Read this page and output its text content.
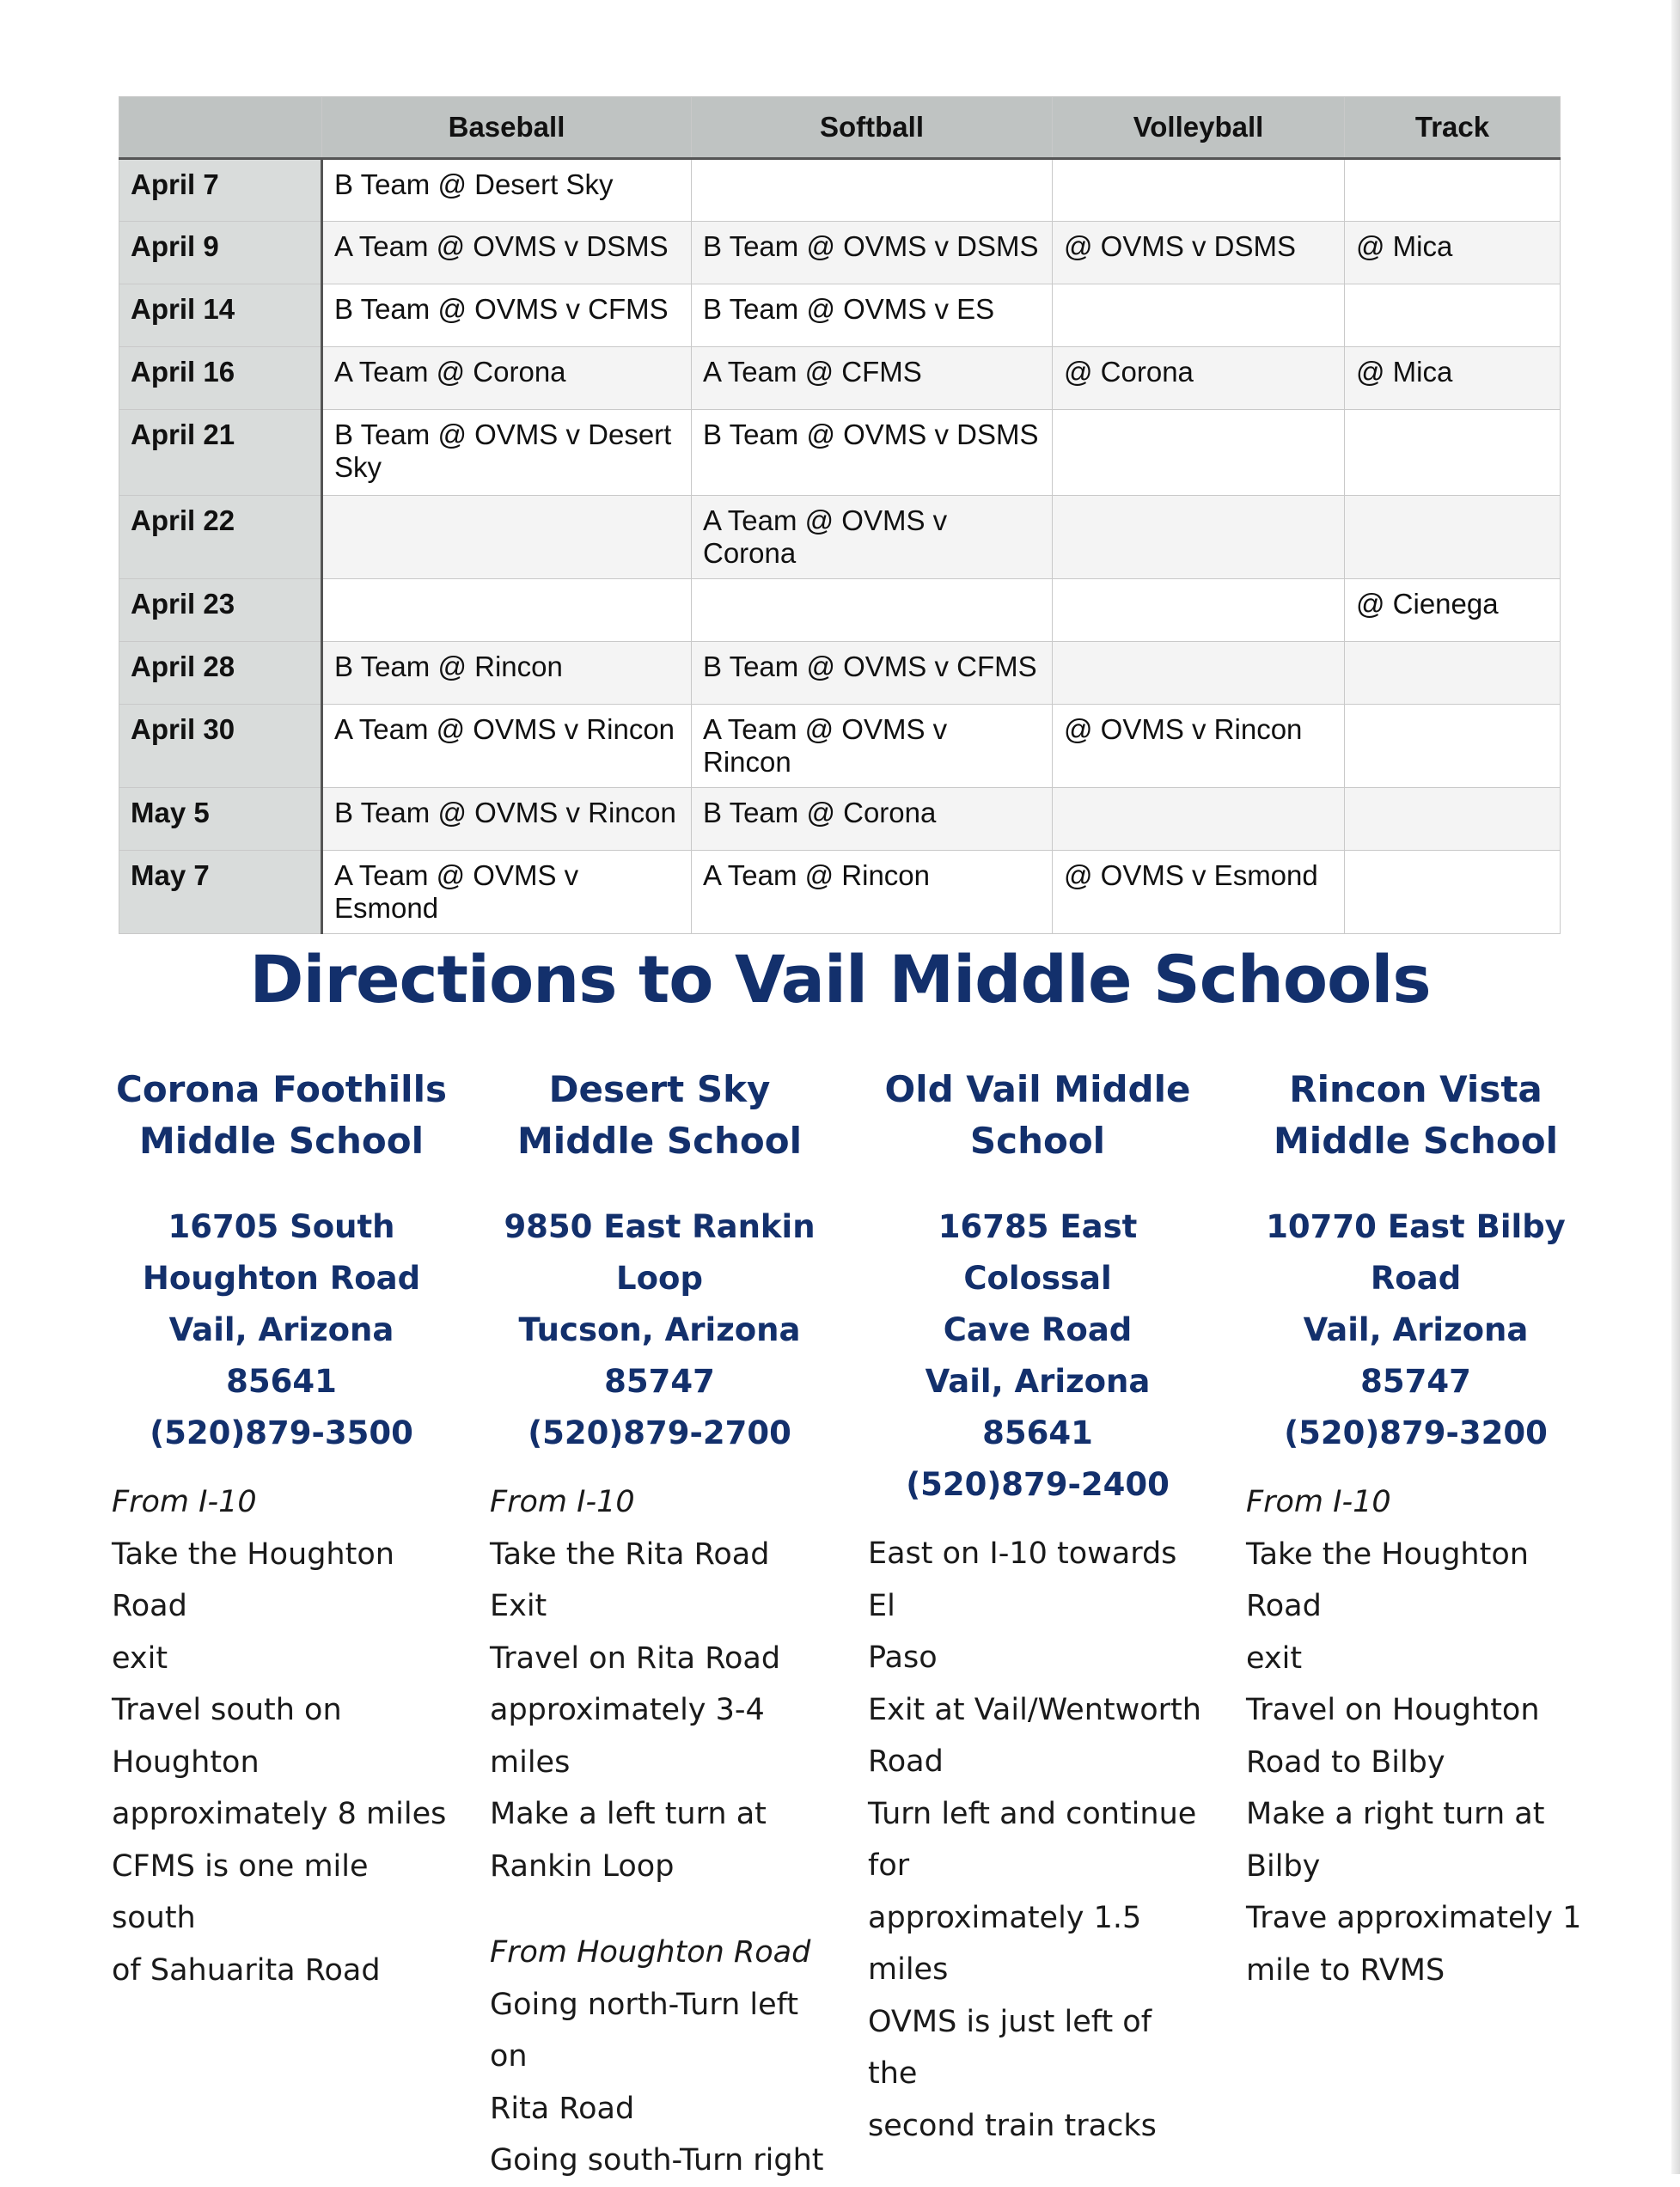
	Baseball	Softball	Volleyball	Track
April 7	B Team @ Desert Sky			
April 9	A Team @ OVMS v DSMS	B Team @ OVMS v DSMS	@ OVMS v DSMS	@ Mica
April 14	B Team @ OVMS v CFMS	B Team @ OVMS v ES		
April 16	A Team @ Corona	A Team @ CFMS	@ Corona	@ Mica
April 21	B Team @ OVMS v Desert Sky	B Team @ OVMS v DSMS		
April 22		A Team @ OVMS v Corona		
April 23				@ Cienega
April 28	B Team @ Rincon	B Team @ OVMS v CFMS		
April 30	A Team @ OVMS v Rincon	A Team @ OVMS v Rincon	@ OVMS v Rincon	
May 5	B Team @ OVMS v Rincon	B Team @ Corona		
May 7	A Team @ OVMS v Esmond	A Team @ Rincon	@ OVMS v Esmond	
Directions to Vail Middle Schools
Corona Foothills
Middle School
16705 South
Houghton Road
Vail, Arizona 85641
(520)879-3500
From I-10
Take the Houghton Road
exit
Travel south on
Houghton
approximately 8 miles
CFMS is one mile south
of Sahuarita Road
Desert Sky
Middle School
9850 East Rankin
Loop
Tucson, Arizona
85747
(520)879-2700
From I-10
Take the Rita Road Exit
Travel on Rita Road
approximately 3-4 miles
Make a left turn at
Rankin Loop
From Houghton Road
Going north-Turn left on
Rita Road
Going south-Turn right
Old Vail Middle
School
16785 East Colossal
Cave Road
Vail, Arizona 85641
(520)879-2400
East on I-10 towards El
Paso
Exit at Vail/Wentworth
Road
Turn left and continue for
approximately 1.5 miles
OVMS is just left of the
second train tracks
Rincon Vista
Middle School
10770 East Bilby
Road
Vail, Arizona 85747
(520)879-3200
From I-10
Take the Houghton Road
exit
Travel on Houghton
Road to Bilby
Make a right turn at
Bilby
Trave approximately 1
mile to RVMS
